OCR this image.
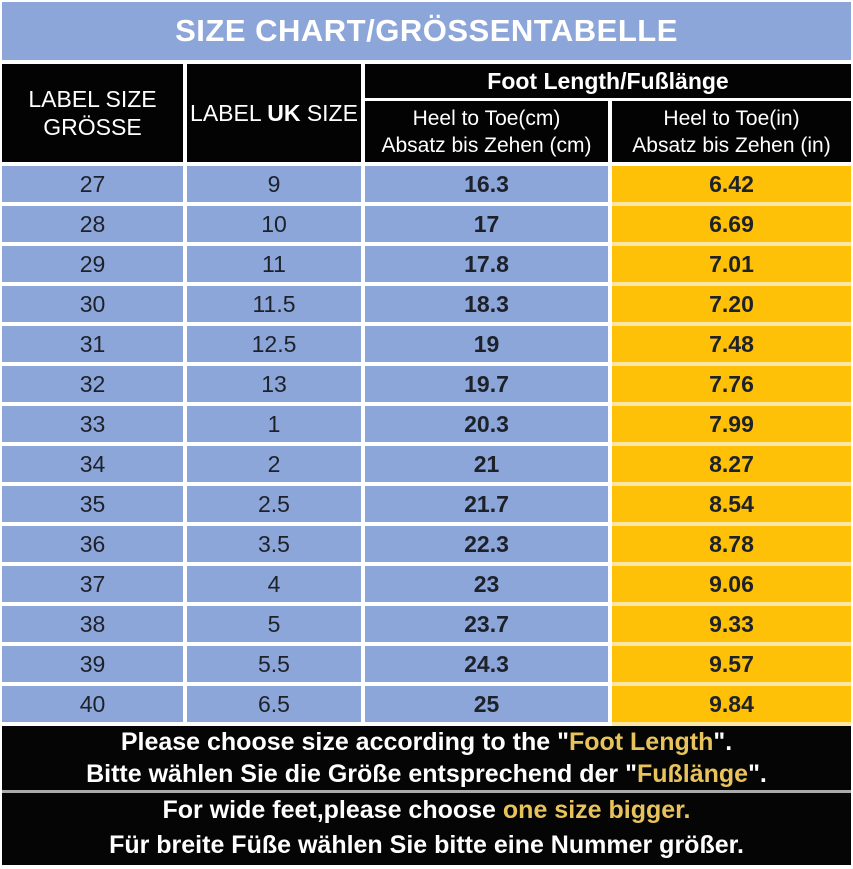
SIZE CHART/GRÖSSENTABELLE
LABEL SIZE
GRÖSSE
LABEL UK SIZE
Foot Length/Fußlänge
Heel to Toe(cm)
Absatz bis Zehen (cm)
Heel to Toe(in)
Absatz bis Zehen (in)
27	9	16.3	6.42
28	10	17	6.69
29	11	17.8	7.01
30	11.5	18.3	7.20
31	12.5	19	7.48
32	13	19.7	7.76
33	1	20.3	7.99
34	2	21	8.27
35	2.5	21.7	8.54
36	3.5	22.3	8.78
37	4	23	9.06
38	5	23.7	9.33
39	5.5	24.3	9.57
40	6.5	25	9.84
Please choose size according to the "Foot Length".
Bitte wählen Sie die Größe entsprechend der "Fußlänge".
For wide feet,please choose one size bigger.
Für breite Füße wählen Sie bitte eine Nummer größer.
